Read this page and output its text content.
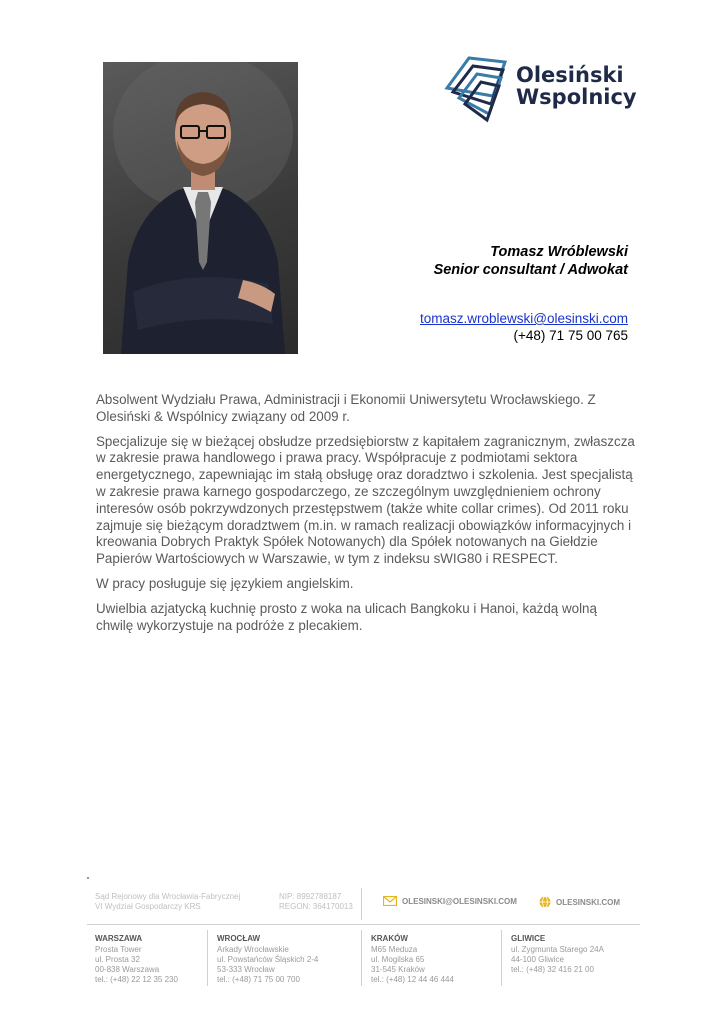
Olesiński
Wspolnicy
Tomasz Wróblewski
Senior consultant / Adwokat
tomasz.wroblewski@olesinski.com
(+48) 71 75 00 765

Absolwent Wydziału Prawa, Administracji i Ekonomii Uniwersytetu Wrocławskiego. Z Olesiński & Wspólnicy związany od 2009 r.

Specjalizuje się w bieżącej obsłudze przedsiębiorstw z kapitałem zagranicznym, zwłaszcza w zakresie prawa handlowego i prawa pracy. Współpracuje z podmiotami sektora energetycznego, zapewniając im stałą obsługę oraz doradztwo i szkolenia. Jest specjalistą w zakresie prawa karnego gospodarczego, ze szczególnym uwzględnieniem ochrony interesów osób pokrzywdzonych przestępstwem (także white collar crimes). Od 2011 roku zajmuje się bieżącym doradztwem (m.in. w ramach realizacji obowiązków informacyjnych i kreowania Dobrych Praktyk Spółek Notowanych) dla Spółek notowanych na Giełdzie Papierów Wartościowych w Warszawie, w tym z indeksu sWIG80 i RESPECT.

W pracy posługuje się językiem angielskim.

Uwielbia azjatycką kuchnię prosto z woka na ulicach Bangkoku i Hanoi, każdą wolną chwilę wykorzystuje na podróże z plecakiem.

Sąd Rejonowy dla Wrocławia-Fabrycznej
VI Wydział Gospodarczy KRS
NIP: 8992788187
REGON: 364170013
OLESINSKI@OLESINSKI.COM	OLESINSKI.COM
WARSZAWA
Prosta Tower
ul. Prosta 32
00-838 Warszawa
tel.: (+48) 22 12 35 230
WROCŁAW
Arkady Wrocławskie
ul. Powstańców Śląskich 2-4
53-333 Wrocław
tel.: (+48) 71 75 00 700
KRAKÓW
M65 Meduza
ul. Mogilska 65
31-545 Kraków
tel.: (+48) 12 44 46 444
GLIWICE
ul. Zygmunta Starego 24A
44-100 Gliwice
tel.: (+48) 32 416 21 00
